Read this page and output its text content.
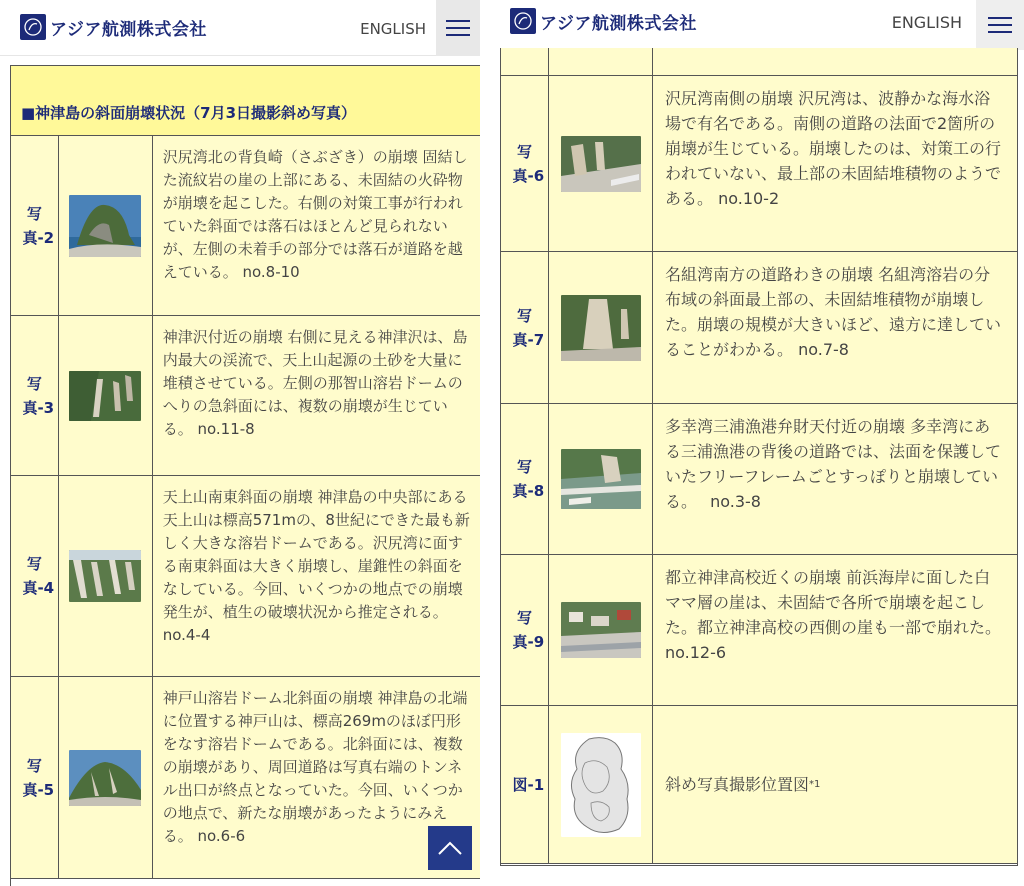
アジア航測株式会社	ENGLISH
■神津島の斜面崩壊状況（7月3日撮影斜め写真）
写真-2
沢尻湾北の背負崎（さぶざき）の崩壊 固結した流紋岩の崖の上部にある、未固結の火砕物が崩壊を起こした。右側の対策工事が行われていた斜面では落石はほとんど見られないが、左側の未着手の部分では落石が道路を越えている。 no.8-10
写真-3
神津沢付近の崩壊 右側に見える神津沢は、島内最大の渓流で、天上山起源の土砂を大量に堆積させている。左側の那智山溶岩ドームのへりの急斜面には、複数の崩壊が生じている。 no.11-8
写真-4
天上山南東斜面の崩壊 神津島の中央部にある天上山は標高571mの、8世紀にできた最も新しく大きな溶岩ドームである。沢尻湾に面する南東斜面は大きく崩壊し、崖錐性の斜面をなしている。今回、いくつかの地点での崩壊発生が、植生の破壊状況から推定される。 no.4-4
写真-5
神戸山溶岩ドーム北斜面の崩壊 神津島の北端に位置する神戸山は、標高269mのほぼ円形をなす溶岩ドームである。北斜面には、複数の崩壊があり、周回道路は写真右端のトンネル出口が終点となっていた。今回、いくつかの地点で、新たな崩壊があったようにみえる。 no.6-6
アジア航測株式会社	ENGLISH
写真-6
沢尻湾南側の崩壊 沢尻湾は、波静かな海水浴場で有名である。南側の道路の法面で2箇所の崩壊が生じている。崩壊したのは、対策工の行われていない、最上部の未固結堆積物のようである。 no.10-2
写真-7
名組湾南方の道路わきの崩壊 名組湾溶岩の分布域の斜面最上部の、未固結堆積物が崩壊した。崩壊の規模が大きいほど、遠方に達していることがわかる。 no.7-8
写真-8
多幸湾三浦漁港弁財天付近の崩壊 多幸湾にある三浦漁港の背後の道路では、法面を保護していたフリーフレームごとすっぽりと崩壊している。　 no.3-8
写真-9
都立神津高校近くの崩壊 前浜海岸に面した白ママ層の崖は、未固結で各所で崩壊を起こした。都立神津高校の西側の崖も一部で崩れた。　 no.12-6
図-1	斜め写真撮影位置図 *1
